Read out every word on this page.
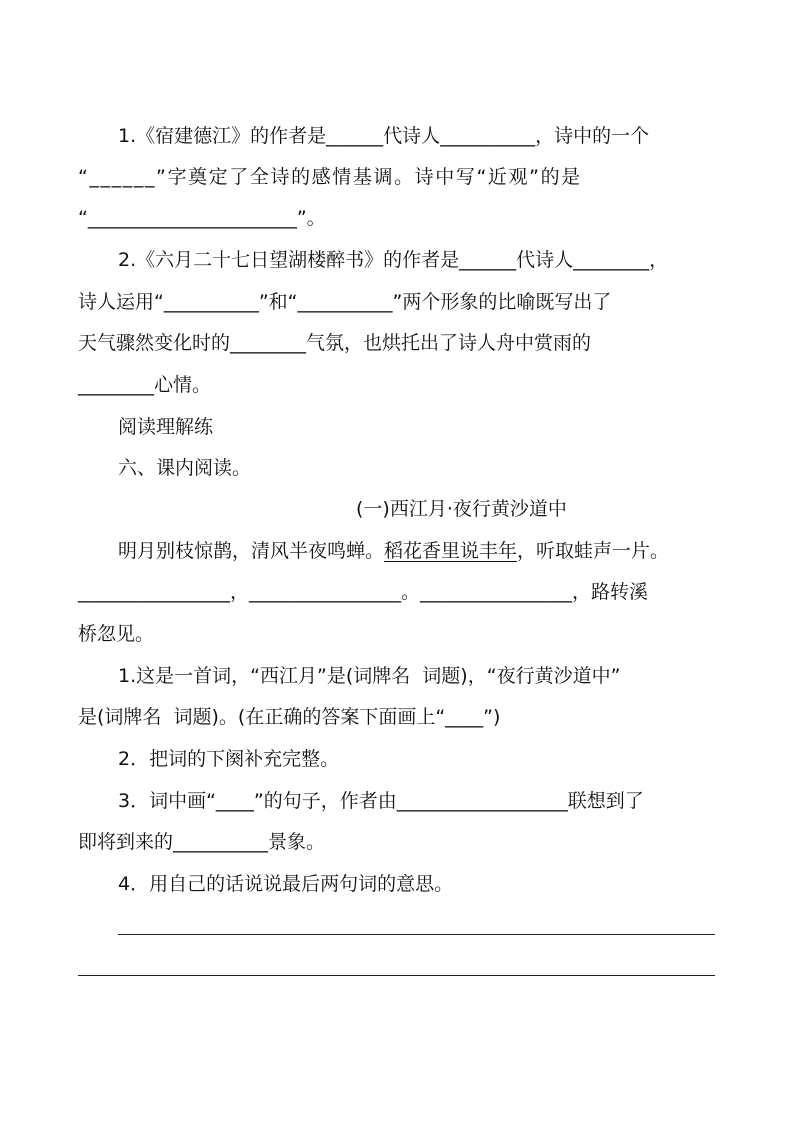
1.《宿建德江》的作者是______代诗人__________，诗中的一个
“______”字奠定了全诗的感情基调。诗中写“近观”的是
“______________________”。
2.《六月二十七日望湖楼醉书》的作者是______代诗人________，
诗人运用“__________”和“__________”两个形象的比喻既写出了
天气骤然变化时的________气氛，也烘托出了诗人舟中赏雨的
________心情。
阅读理解练
六、课内阅读。
(一)西江月·夜行黄沙道中
明月别枝惊鹊，清风半夜鸣蝉。稻花香里说丰年，听取蛙声一片。
________________，________________。________________，路转溪
桥忽见。
1.这是一首词，“西江月”是(词牌名  词题)，“夜行黄沙道中”
是(词牌名  词题)。(在正确的答案下面画上“____”)
2．把词的下阕补充完整。
3．词中画“____”的句子，作者由__________________联想到了
即将到来的__________景象。
4．用自己的话说说最后两句词的意思。
